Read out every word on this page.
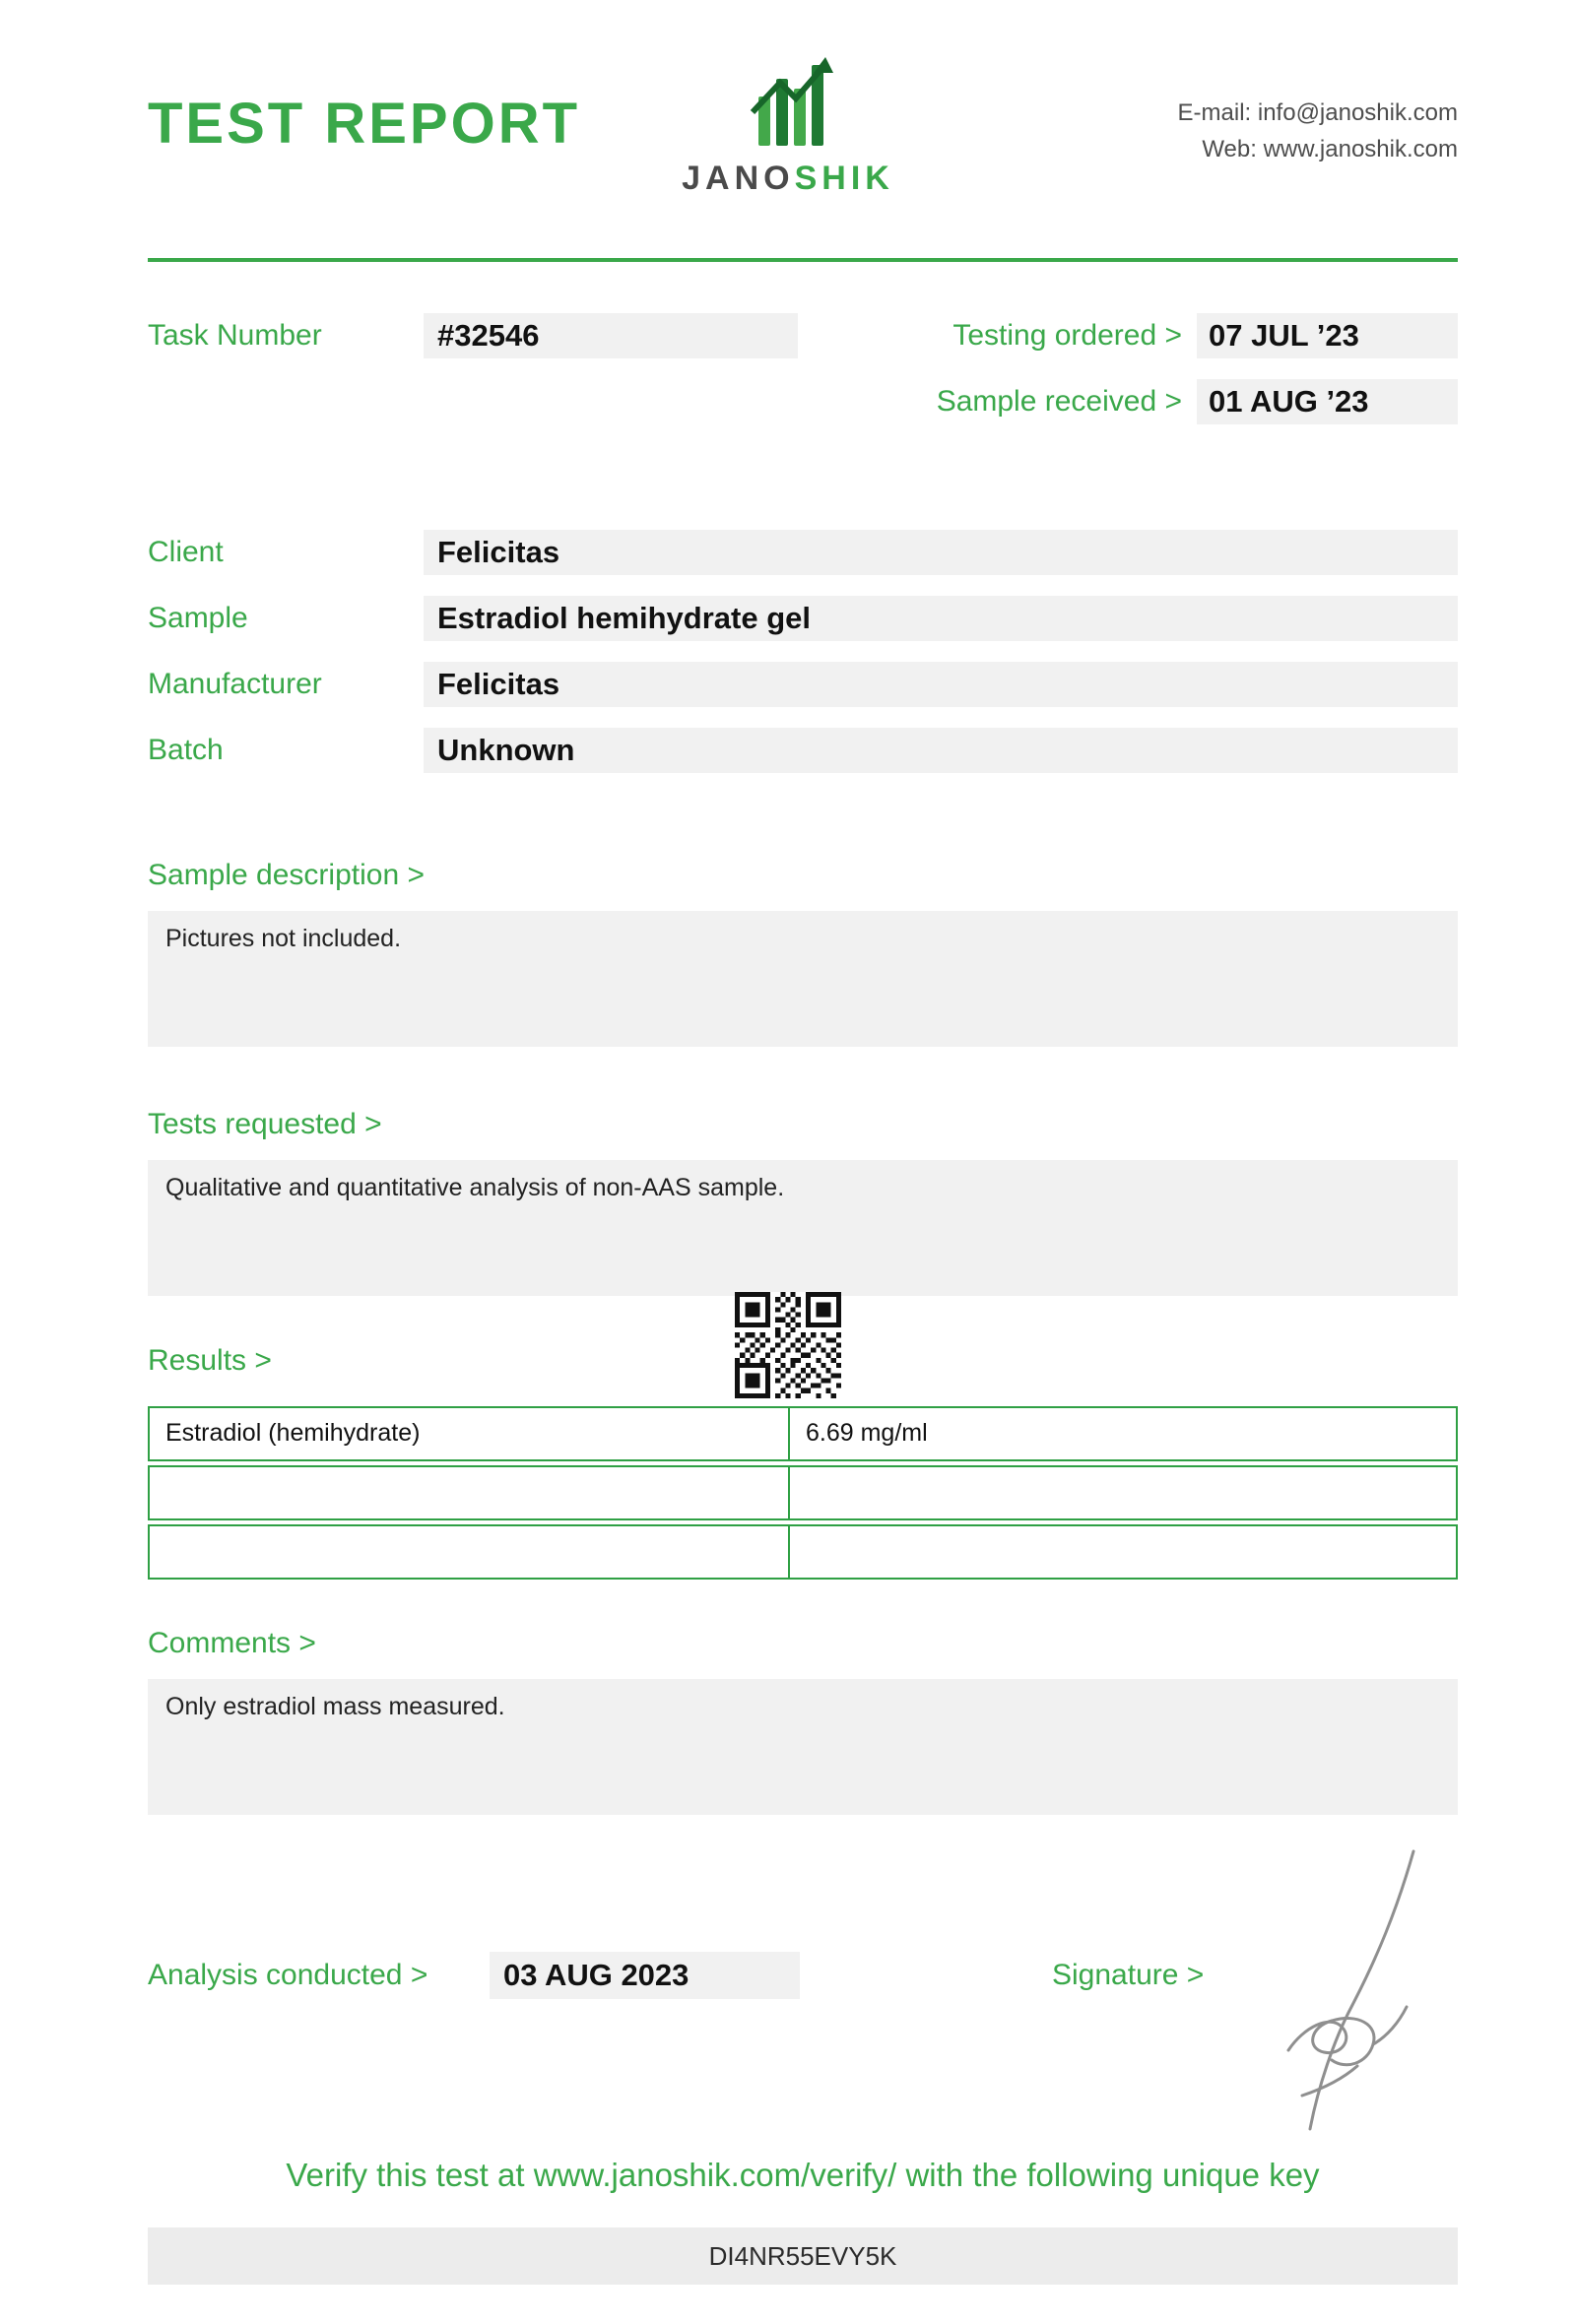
TEST REPORT
JANOSHIK
E-mail: info@janoshik.com
Web: www.janoshik.com
Task Number	#32546	Testing ordered > 07 JUL ’23
Sample received > 01 AUG ’23
Client	Felicitas
Sample	Estradiol hemihydrate gel
Manufacturer	Felicitas
Batch	Unknown
Sample description >
Pictures not included.
Tests requested >
Qualitative and quantitative analysis of non-AAS sample.
Results >
Estradiol (hemihydrate)	6.69 mg/ml
Comments >
Only estradiol mass measured.
Analysis conducted >	03 AUG 2023	Signature >
Verify this test at www.janoshik.com/verify/ with the following unique key
DI4NR55EVY5K
